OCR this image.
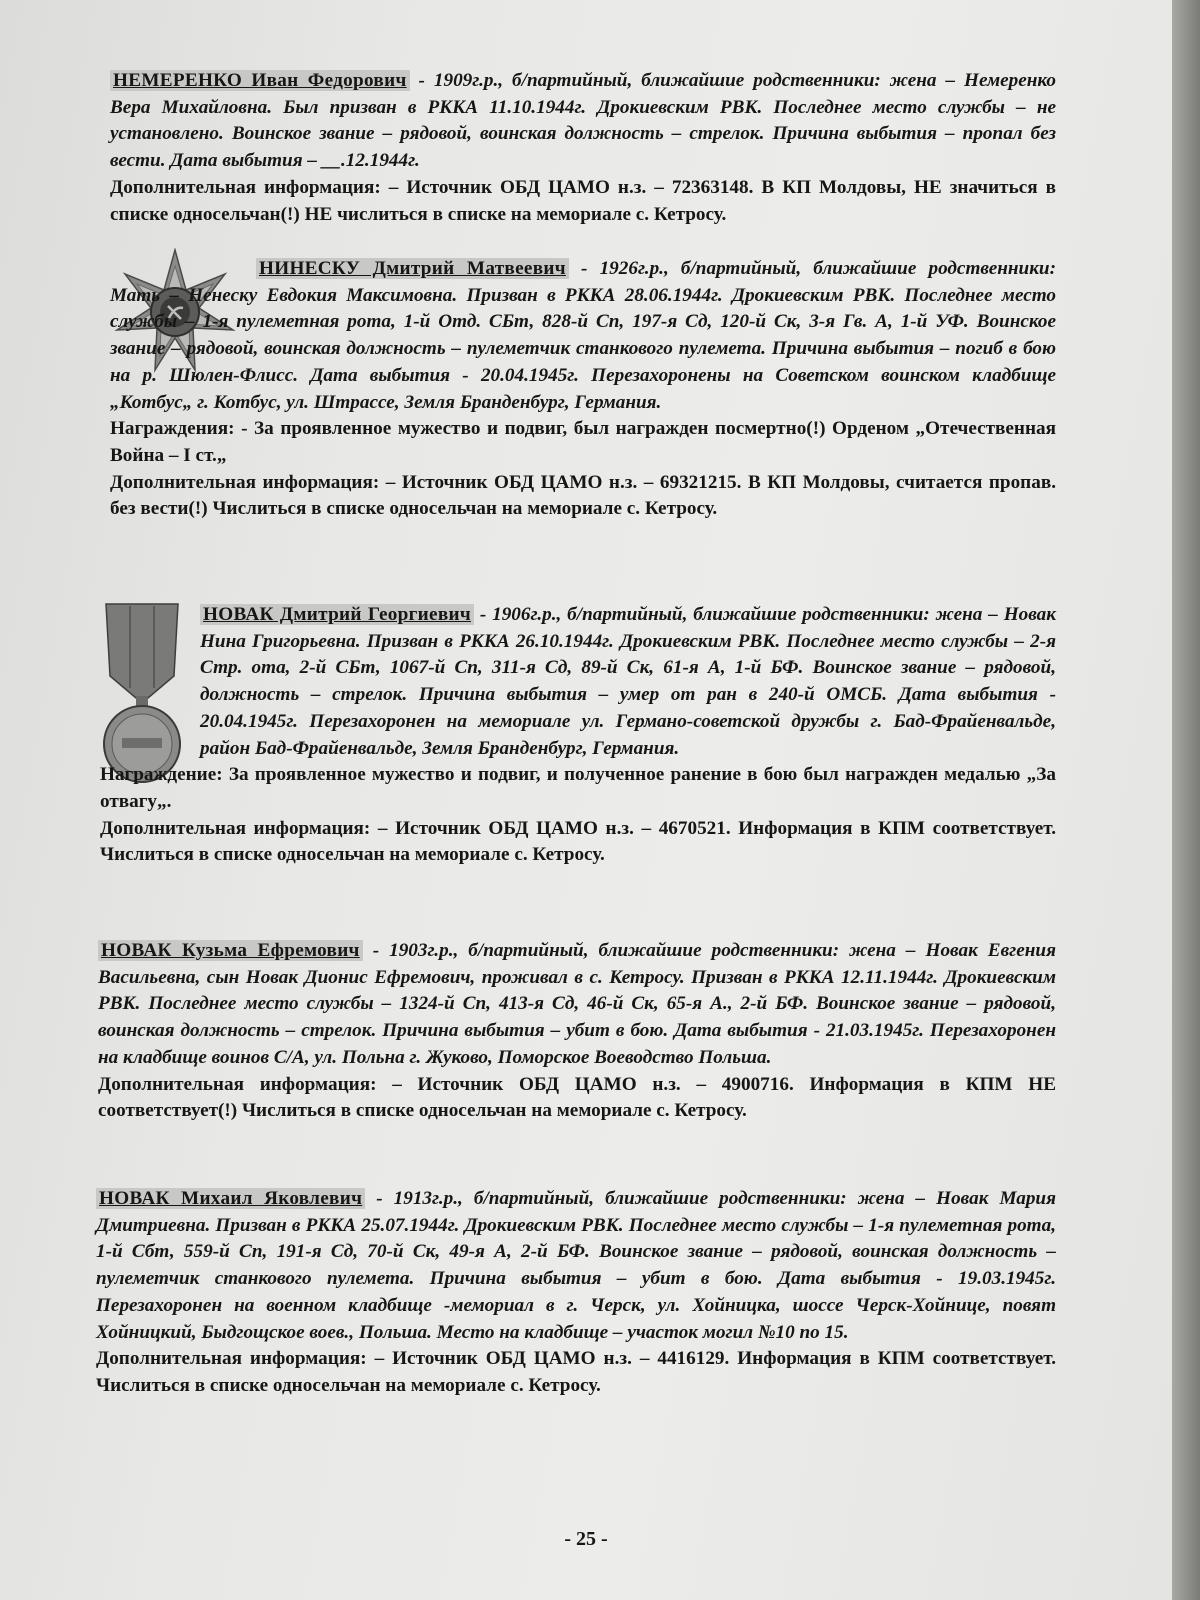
НЕМЕРЕНКО Иван Федорович - 1909г.р., б/партийный, ближайшие родственники: жена – Немеренко Вера Михайловна. Был призван в РККА 11.10.1944г. Дрокиевским РВК. Последнее место службы – не установлено. Воинское звание – рядовой, воинская должность – стрелок. Причина выбытия – пропал без вести. Дата выбытия – __.12.1944г.

Дополнительная информация: – Источник ОБД ЦАМО н.з. – 72363148. В КП Молдовы, НЕ значиться в списке односельчан(!) НЕ числиться в списке на мемориале с. Кетросу.

НИНЕСКУ Дмитрий Матвеевич - 1926г.р., б/партийный, ближайшие родственники: Мать – Ненеску Евдокия Максимовна. Призван в РККА 28.06.1944г. Дрокиевским РВК. Последнее место службы – 1-я пулеметная рота, 1-й Отд. СБт, 828-й Сп, 197-я Сд, 120-й Ск, 3-я Гв. А, 1-й УФ. Воинское звание – рядовой, воинская должность – пулеметчик станкового пулемета. Причина выбытия – погиб в бою на р. Шюлен-Флисс. Дата выбытия - 20.04.1945г. Перезахоронены на Советском воинском кладбище „Котбус„ г. Котбус, ул. Штрассе, Земля Бранденбург, Германия.

Награждения: - За проявленное мужество и подвиг, был награжден посмертно(!) Орденом „Отечественная Война – I ст.„

Дополнительная информация: – Источник ОБД ЦАМО н.з. – 69321215. В КП Молдовы, считается пропав. без вести(!) Числиться в списке односельчан на мемориале с. Кетросу.

НОВАК Дмитрий Георгиевич - 1906г.р., б/партийный, ближайшие родственники: жена – Новак Нина Григорьевна. Призван в РККА 26.10.1944г. Дрокиевским РВК. Последнее место службы – 2-я Стр. ота, 2-й СБт, 1067-й Сп, 311-я Сд, 89-й Ск, 61-я А, 1-й БФ. Воинское звание – рядовой, должность – стрелок. Причина выбытия – умер от ран в 240-й ОМСБ. Дата выбытия - 20.04.1945г. Перезахоронен на мемориале ул. Германо-советской дружбы г. Бад-Фрайенвальде, район Бад-Фрайенвальде, Земля Бранденбург, Германия.

Награждение: За проявленное мужество и подвиг, и полученное ранение в бою был награжден медалью „За отвагу„.

Дополнительная информация: – Источник ОБД ЦАМО н.з. – 4670521. Информация в КПМ соответствует. Числиться в списке односельчан на мемориале с. Кетросу.

НОВАК Кузьма Ефремович - 1903г.р., б/партийный, ближайшие родственники: жена – Новак Евгения Васильевна, сын Новак Дионис Ефремович, проживал в с. Кетросу. Призван в РККА 12.11.1944г. Дрокиевским РВК. Последнее место службы – 1324-й Сп, 413-я Сд, 46-й Ск, 65-я А., 2-й БФ. Воинское звание – рядовой, воинская должность – стрелок. Причина выбытия – убит в бою. Дата выбытия - 21.03.1945г. Перезахоронен на кладбище воинов С/А, ул. Польна г. Жуково, Поморское Воеводство Польша.

Дополнительная информация: – Источник ОБД ЦАМО н.з. – 4900716. Информация в КПМ НЕ соответствует(!) Числиться в списке односельчан на мемориале с. Кетросу.

НОВАК Михаил Яковлевич - 1913г.р., б/партийный, ближайшие родственники: жена – Новак Мария Дмитриевна. Призван в РККА 25.07.1944г. Дрокиевским РВК. Последнее место службы – 1-я пулеметная рота, 1-й Сбт, 559-й Сп, 191-я Сд, 70-й Ск, 49-я А, 2-й БФ. Воинское звание – рядовой, воинская должность – пулеметчик станкового пулемета. Причина выбытия – убит в бою. Дата выбытия - 19.03.1945г. Перезахоронен на военном кладбище -мемориал в г. Черск, ул. Хойницка, шоссе Черск-Хойнице, повят Хойницкий, Быдгощское воев., Польша. Место на кладбище – участок могил №10 по 15.

Дополнительная информация: – Источник ОБД ЦАМО н.з. – 4416129. Информация в КПМ соответствует. Числиться в списке односельчан на мемориале с. Кетросу.

- 25 -
